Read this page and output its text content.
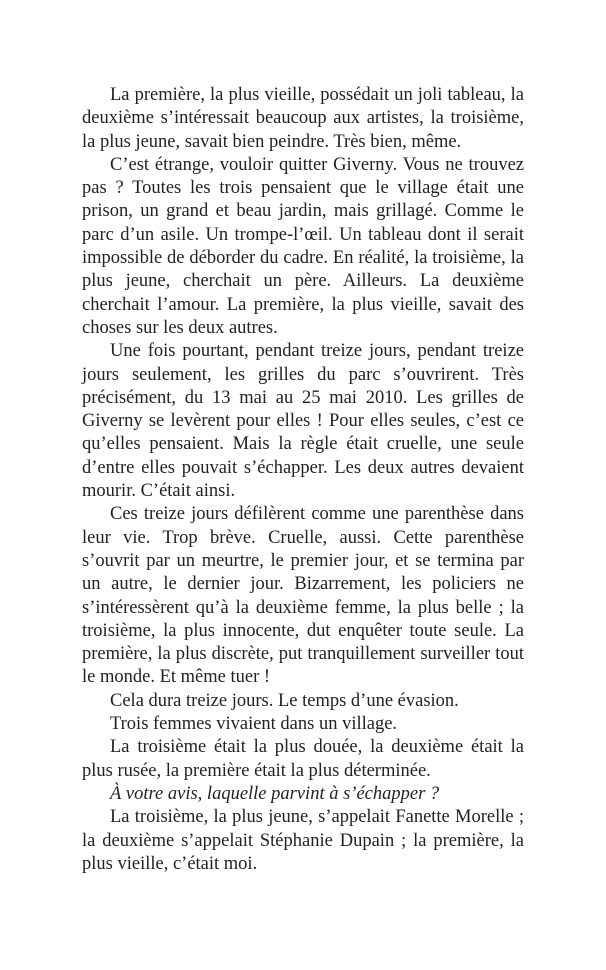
La première, la plus vieille, possédait un joli tableau, la deuxième s’intéressait beaucoup aux artistes, la troisième, la plus jeune, savait bien peindre. Très bien, même.

C’est étrange, vouloir quitter Giverny. Vous ne trouvez pas ? Toutes les trois pensaient que le village était une prison, un grand et beau jardin, mais grillagé. Comme le parc d’un asile. Un trompe-l’œil. Un tableau dont il serait impossible de déborder du cadre. En réalité, la troisième, la plus jeune, cherchait un père. Ailleurs. La deuxième cherchait l’amour. La première, la plus vieille, savait des choses sur les deux autres.

Une fois pourtant, pendant treize jours, pendant treize jours seulement, les grilles du parc s’ouvrirent. Très précisément, du 13 mai au 25 mai 2010. Les grilles de Giverny se levèrent pour elles ! Pour elles seules, c’est ce qu’elles pensaient. Mais la règle était cruelle, une seule d’entre elles pouvait s’échapper. Les deux autres devaient mourir. C’était ainsi.

Ces treize jours défilèrent comme une parenthèse dans leur vie. Trop brève. Cruelle, aussi. Cette parenthèse s’ouvrit par un meurtre, le premier jour, et se termina par un autre, le dernier jour. Bizarrement, les policiers ne s’intéressèrent qu’à la deuxième femme, la plus belle ; la troisième, la plus innocente, dut enquêter toute seule. La première, la plus discrète, put tranquillement surveiller tout le monde. Et même tuer !

Cela dura treize jours. Le temps d’une évasion.

Trois femmes vivaient dans un village.

La troisième était la plus douée, la deuxième était la plus rusée, la première était la plus déterminée.

À votre avis, laquelle parvint à s’échapper ?

La troisième, la plus jeune, s’appelait Fanette Morelle ; la deuxième s’appelait Stéphanie Dupain ; la première, la plus vieille, c’était moi.
